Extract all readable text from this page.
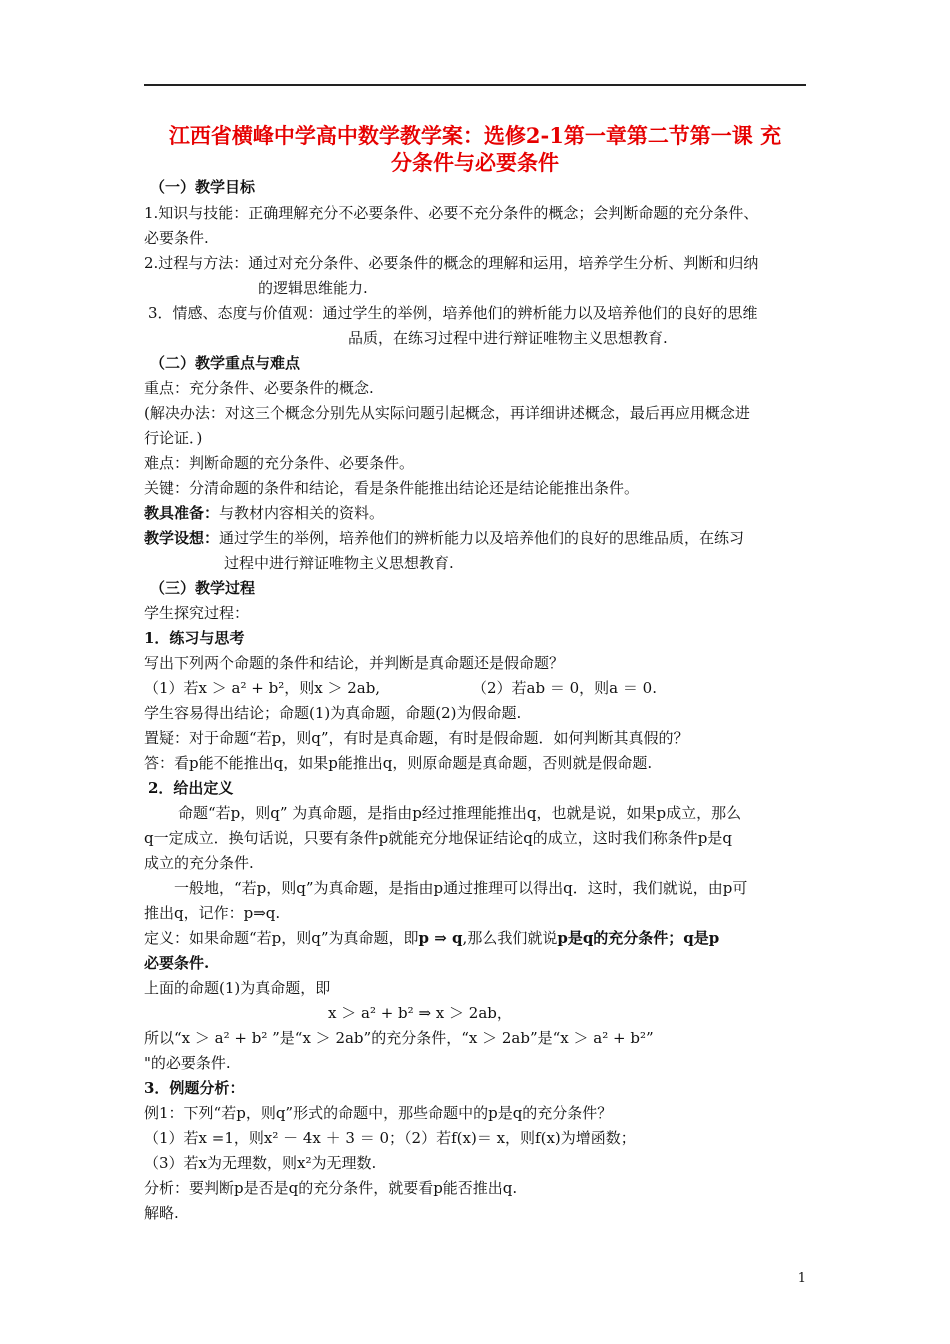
江西省横峰中学高中数学教学案：选修2-1第一章第二节第一课 充
分条件与必要条件
（一）教学目标
1.知识与技能：正确理解充分不必要条件、必要不充分条件的概念；会判断命题的充分条件、
必要条件.
2.过程与方法：通过对充分条件、必要条件的概念的理解和运用，培养学生分析、判断和归纳
的逻辑思维能力.
3．情感、态度与价值观：通过学生的举例，培养他们的辨析能力以及培养他们的良好的思维
品质，在练习过程中进行辩证唯物主义思想教育.
（二）教学重点与难点
重点：充分条件、必要条件的概念.
(解决办法：对这三个概念分别先从实际问题引起概念，再详细讲述概念，最后再应用概念进
行论证．)
难点：判断命题的充分条件、必要条件。
关键：分清命题的条件和结论，看是条件能推出结论还是结论能推出条件。
教具准备：与教材内容相关的资料。
教学设想：通过学生的举例，培养他们的辨析能力以及培养他们的良好的思维品质，在练习
过程中进行辩证唯物主义思想教育.
（三）教学过程
学生探究过程：
1．练习与思考
写出下列两个命题的条件和结论，并判断是真命题还是假命题？
（1）若x ＞ a² + b²，则x ＞ 2ab,	（2）若ab ＝ 0，则a ＝ 0.
学生容易得出结论；命题(1)为真命题，命题(2)为假命题.
置疑：对于命题“若p，则q”，有时是真命题，有时是假命题．如何判断其真假的？
答：看p能不能推出q，如果p能推出q，则原命题是真命题，否则就是假命题.
2．给出定义
命题“若p，则q” 为真命题，是指由p经过推理能推出q，也就是说，如果p成立，那么
q一定成立．换句话说，只要有条件p就能充分地保证结论q的成立，这时我们称条件p是q
成立的充分条件.
一般地，“若p，则q”为真命题，是指由p通过推理可以得出q．这时，我们就说，由p可
推出q，记作：p⇒q.
定义：如果命题“若p，则q”为真命题，即p ⇒ q,那么我们就说p是q的充分条件；q是p
必要条件.
上面的命题(1)为真命题，即
x ＞ a² + b² ⇒ x ＞ 2ab，
所以“x ＞ a² + b² ”是“x ＞ 2ab”的充分条件，“x ＞ 2ab”是“x ＞ a² + b²”
"的必要条件.
3．例题分析：
例1：下列“若p，则q”形式的命题中，那些命题中的p是q的充分条件？
（1）若x =1，则x² － 4x ＋ 3 ＝ 0；（2）若f(x)＝ x，则f(x)为增函数；
（3）若x为无理数，则x²为无理数.
分析：要判断p是否是q的充分条件，就要看p能否推出q.
解略.
1
